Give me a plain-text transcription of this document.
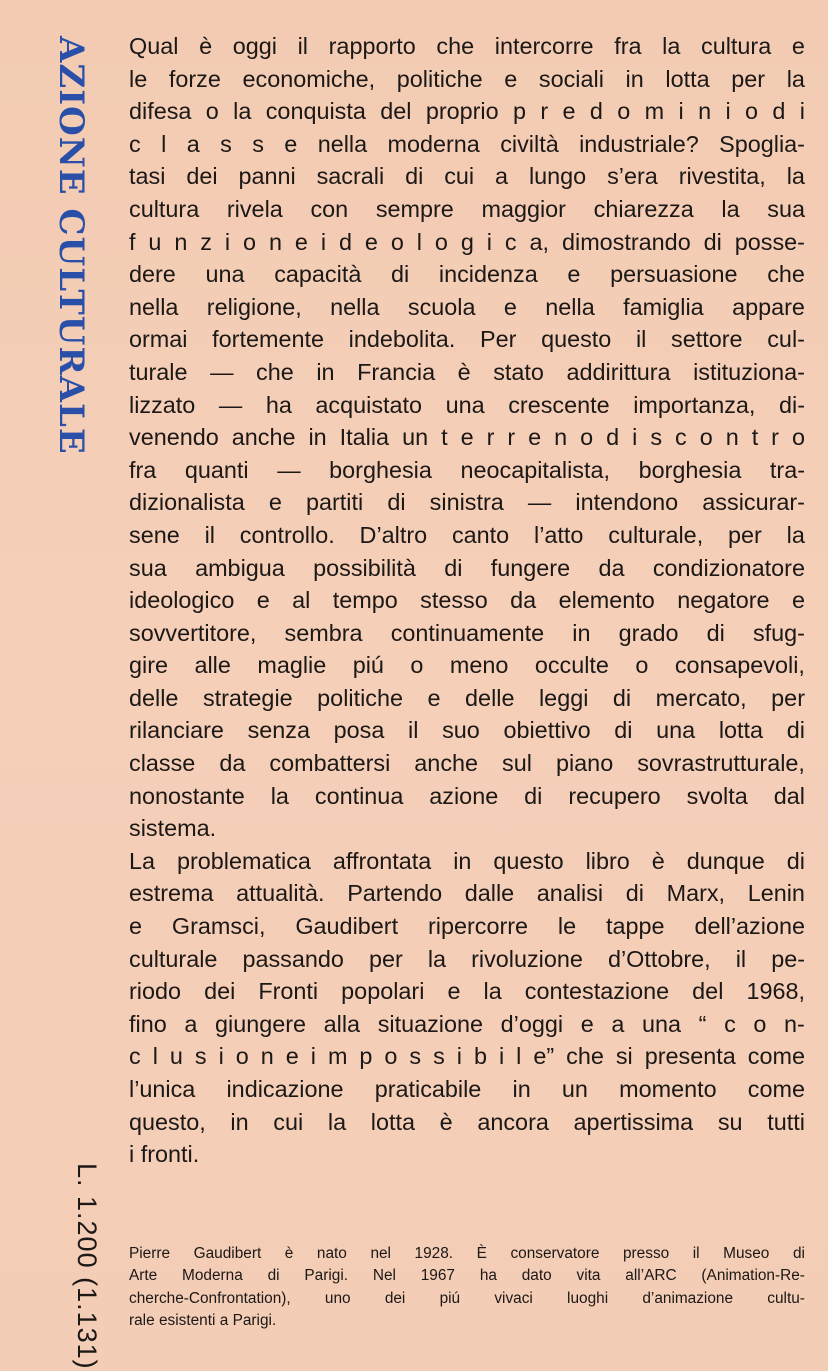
AZIONE CULTURALE Qual è oggi il rapporto che intercorre fra la cultura e
le forze economiche, politiche e sociali in lotta per la
difesa o la conquista del proprio p r e d o m i n i o d i
c l a s s e nella moderna civiltà industriale? Spoglia-
tasi dei panni sacrali di cui a lungo s’era rivestita, la
cultura rivela con sempre maggior chiarezza la sua
f u n z i o n e i d e o l o g i c a, dimostrando di posse-
dere una capacità di incidenza e persuasione che
nella religione, nella scuola e nella famiglia appare
ormai fortemente indebolita. Per questo il settore cul-
turale — che in Francia è stato addirittura istituziona-
lizzato — ha acquistato una crescente importanza, di-
venendo anche in Italia un t e r r e n o d i s c o n t r o
fra quanti — borghesia neocapitalista, borghesia tra-
dizionalista e partiti di sinistra — intendono assicurar-
sene il controllo. D’altro canto l’atto culturale, per la
sua ambigua possibilità di fungere da condizionatore
ideologico e al tempo stesso da elemento negatore e
sovvertitore, sembra continuamente in grado di sfug-
gire alle maglie piú o meno occulte o consapevoli,
delle strategie politiche e delle leggi di mercato, per
rilanciare senza posa il suo obiettivo di una lotta di
classe da combattersi anche sul piano sovrastrutturale,
nonostante la continua azione di recupero svolta dal
sistema.
La problematica affrontata in questo libro è dunque di
estrema attualità. Partendo dalle analisi di Marx, Lenin
e Gramsci, Gaudibert ripercorre le tappe dell’azione
culturale passando per la rivoluzione d’Ottobre, il pe-
riodo dei Fronti popolari e la contestazione del 1968,
fino a giungere alla situazione d’oggi e a una “ c o n-
c l u s i o n e i m p o s s i b i l e” che si presenta come
l’unica indicazione praticabile in un momento come
questo, in cui la lotta è ancora apertissima su tutti
i fronti.
L. 1.200 (1.131) Pierre Gaudibert è nato nel 1928. È conservatore presso il Museo di
Arte Moderna di Parigi. Nel 1967 ha dato vita all’ARC (Animation-Re-
cherche-Confrontation), uno dei piú vivaci luoghi d’animazione cultu-
rale esistenti a Parigi.
